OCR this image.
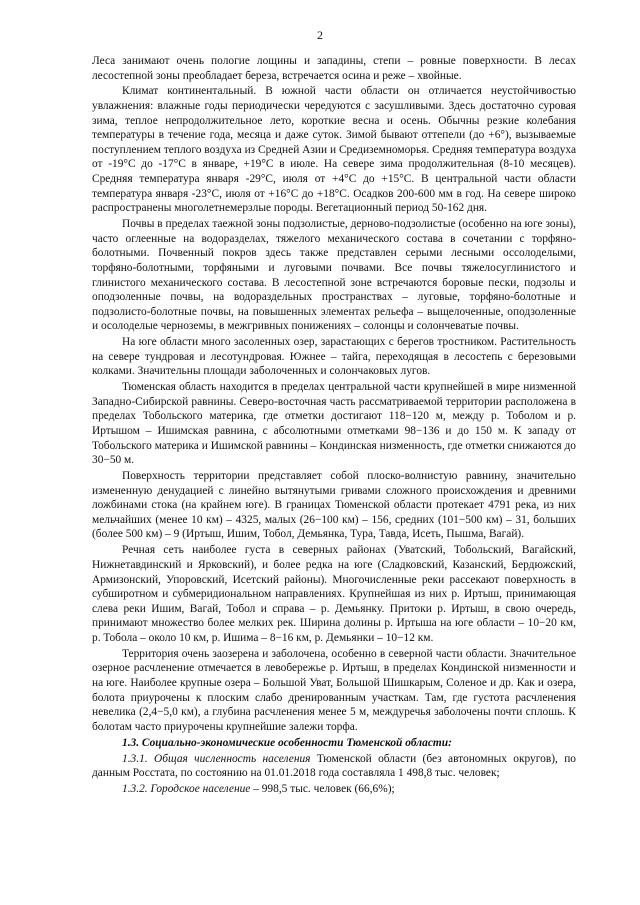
2

Леса занимают очень пологие лощины и западины, степи – ровные поверхности. В лесах лесостепной зоны преобладает береза, встречается осина и реже – хвойные.

Климат континентальный. В южной части области он отличается неустойчивостью увлажнения: влажные годы периодически чередуются с засушливыми. Здесь достаточно суровая зима, теплое непродолжительное лето, короткие весна и осень. Обычны резкие колебания температуры в течение года, месяца и даже суток. Зимой бывают оттепели (до +6°), вызываемые поступлением теплого воздуха из Средней Азии и Средиземноморья. Средняя температура воздуха от -19°С до -17°С в январе, +19°С в июле. На севере зима продолжительная (8-10 месяцев). Средняя температура января -29°С, июля от +4°С до +15°С. В центральной части области температура января -23°С, июля от +16°С до +18°С. Осадков 200-600 мм в год. На севере широко распространены многолетнемерзлые породы. Вегетационный период 50-162 дня.

Почвы в пределах таежной зоны подзолистые, дерново-подзолистые (особенно на юге зоны), часто оглеенные на водоразделах, тяжелого механического состава в сочетании с торфяно-болотными. Почвенный покров здесь также представлен серыми лесными оссолоделыми, торфяно-болотными, торфяными и луговыми почвами. Все почвы тяжелосуглинистого и глинистого механического состава. В лесостепной зоне встречаются боровые пески, подзолы и оподзоленные почвы, на водораздельных пространствах – луговые, торфяно-болотные и подзолисто-болотные почвы, на повышенных элементах рельефа – выщелоченные, оподзоленные и осолоделые черноземы, в межгривных понижениях – солонцы и солончеватые почвы.

На юге области много засоленных озер, зарастающих с берегов тростником. Растительность на севере тундровая и лесотундровая. Южнее – тайга, переходящая в лесостепь с березовыми колками. Значительны площади заболоченных и солончаковых лугов.

Тюменская область находится в пределах центральной части крупнейшей в мире низменной Западно-Сибирской равнины. Северо-восточная часть рассматриваемой территории расположена в пределах Тобольского материка, где отметки достигают 118−120 м, между р. Тоболом и р. Иртышом – Ишимская равнина, с абсолютными отметками 98−136 и до 150 м. К западу от Тобольского материка и Ишимской равнины – Кондинская низменность, где отметки снижаются до 30−50 м.

Поверхность территории представляет собой плоско-волнистую равнину, значительно измененную денудацией с линейно вытянутыми гривами сложного происхождения и древними ложбинами стока (на крайнем юге). В границах Тюменской области протекает 4791 река, из них мельчайших (менее 10 км) – 4325, малых (26−100 км) – 156, средних (101−500 км) – 31, больших (более 500 км) – 9 (Иртыш, Ишим, Тобол, Демьянка, Тура, Тавда, Исеть, Пышма, Вагай).

Речная сеть наиболее густа в северных районах (Уватский, Тобольский, Вагайский, Нижнетавдинский и Ярковский), и более редка на юге (Сладковский, Казанский, Бердюжский, Армизонский, Упоровский, Исетский районы). Многочисленные реки рассекают поверхность в субширотном и субмеридиональном направлениях. Крупнейшая из них р. Иртыш, принимающая слева реки Ишим, Вагай, Тобол и справа – р. Демьянку. Притоки р. Иртыш, в свою очередь, принимают множество более мелких рек. Ширина долины р. Иртыша на юге области – 10−20 км, р. Тобола – около 10 км, р. Ишима – 8−16 км, р. Демьянки – 10−12 км.

Территория очень заозерена и заболочена, особенно в северной части области. Значительное озерное расчленение отмечается в левобережье р. Иртыш, в пределах Кондинской низменности и на юге. Наиболее крупные озера – Большой Уват, Большой Шишкарым, Соленое и др. Как и озера, болота приурочены к плоским слабо дренированным участкам. Там, где густота расчленения невелика (2,4−5,0 км), а глубина расчленения менее 5 м, междуречья заболочены почти сплошь. К болотам часто приурочены крупнейшие залежи торфа.

1.3. Социально-экономические особенности Тюменской области:

1.3.1. Общая численность населения Тюменской области (без автономных округов), по данным Росстата, по состоянию на 01.01.2018 года составляла 1 498,8 тыс. человек;

1.3.2. Городское население – 998,5 тыс. человек (66,6%);
